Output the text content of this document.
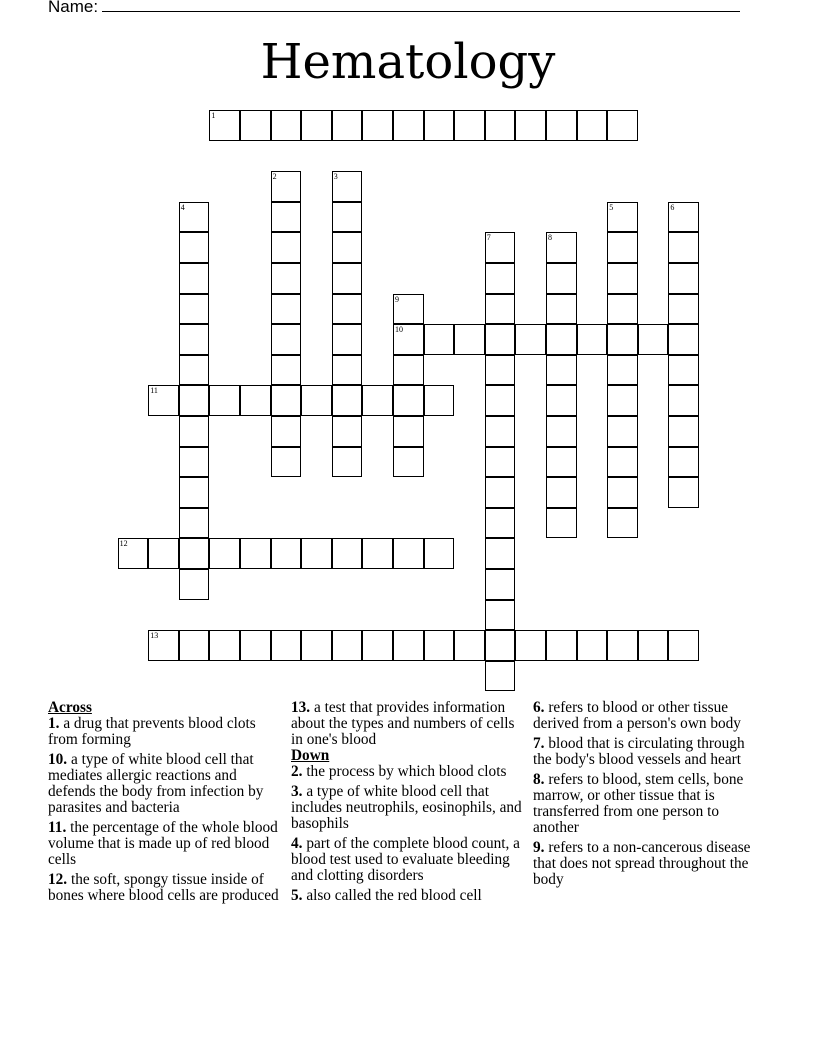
Name:
Hematology
1
2	3
4	5	6
7	8
9
10
11
12
13

Across

1. a drug that prevents blood clots from forming

10. a type of white blood cell that mediates allergic reactions and defends the body from infection by parasites and bacteria

11. the percentage of the whole blood volume that is made up of red blood cells

12. the soft, spongy tissue inside of bones where blood cells are produced

13. a test that provides information about the types and numbers of cells in one's blood

Down

2. the process by which blood clots

3. a type of white blood cell that includes neutrophils, eosinophils, and basophils

4. part of the complete blood count, a blood test used to evaluate bleeding and clotting disorders

5. also called the red blood cell

6. refers to blood or other tissue derived from a person's own body

7. blood that is circulating through the body's blood vessels and heart

8. refers to blood, stem cells, bone marrow, or other tissue that is transferred from one person to another

9. refers to a non-cancerous disease that does not spread throughout the body
